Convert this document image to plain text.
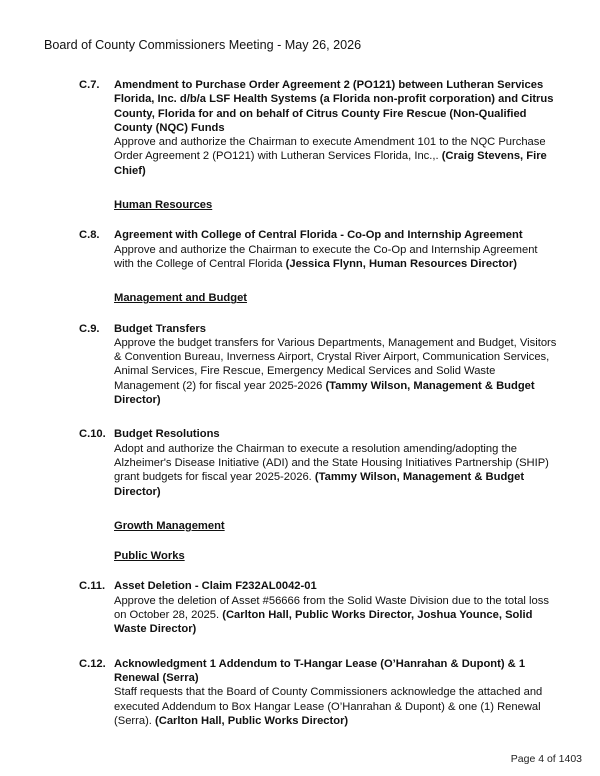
Board of County Commissioners Meeting - May 26, 2026
C.7.	Amendment to Purchase Order Agreement 2 (PO121) between Lutheran Services Florida, Inc. d/b/a LSF Health Systems (a Florida non-profit corporation) and Citrus County, Florida for and on behalf of Citrus County Fire Rescue (Non-Qualified County (NQC) Funds
Approve and authorize the Chairman to execute Amendment 101 to the NQC Purchase Order Agreement 2 (PO121) with Lutheran Services Florida, Inc.,. (Craig Stevens, Fire Chief)
Human Resources
C.8.	Agreement with College of Central Florida - Co-Op and Internship Agreement
Approve and authorize the Chairman to execute the Co-Op and Internship Agreement with the College of Central Florida (Jessica Flynn, Human Resources Director)
Management and Budget
C.9.	Budget Transfers
Approve the budget transfers for Various Departments, Management and Budget, Visitors & Convention Bureau, Inverness Airport, Crystal River Airport, Communication Services, Animal Services, Fire Rescue, Emergency Medical Services and Solid Waste Management (2) for fiscal year 2025-2026 (Tammy Wilson, Management & Budget Director)
C.10. Budget Resolutions
Adopt and authorize the Chairman to execute a resolution amending/adopting the Alzheimer's Disease Initiative (ADI) and the State Housing Initiatives Partnership (SHIP) grant budgets for fiscal year 2025-2026. (Tammy Wilson, Management & Budget Director)
Growth Management
Public Works
C.11. Asset Deletion - Claim F232AL0042-01
Approve the deletion of Asset #56666 from the Solid Waste Division due to the total loss on October 28, 2025. (Carlton Hall, Public Works Director, Joshua Younce, Solid Waste Director)
C.12. Acknowledgment 1 Addendum to T-Hangar Lease (O’Hanrahan & Dupont) & 1 Renewal (Serra)
Staff requests that the Board of County Commissioners acknowledge the attached and executed Addendum to Box Hangar Lease (O’Hanrahan & Dupont) & one (1) Renewal (Serra). (Carlton Hall, Public Works Director)
Page 4 of 1403
